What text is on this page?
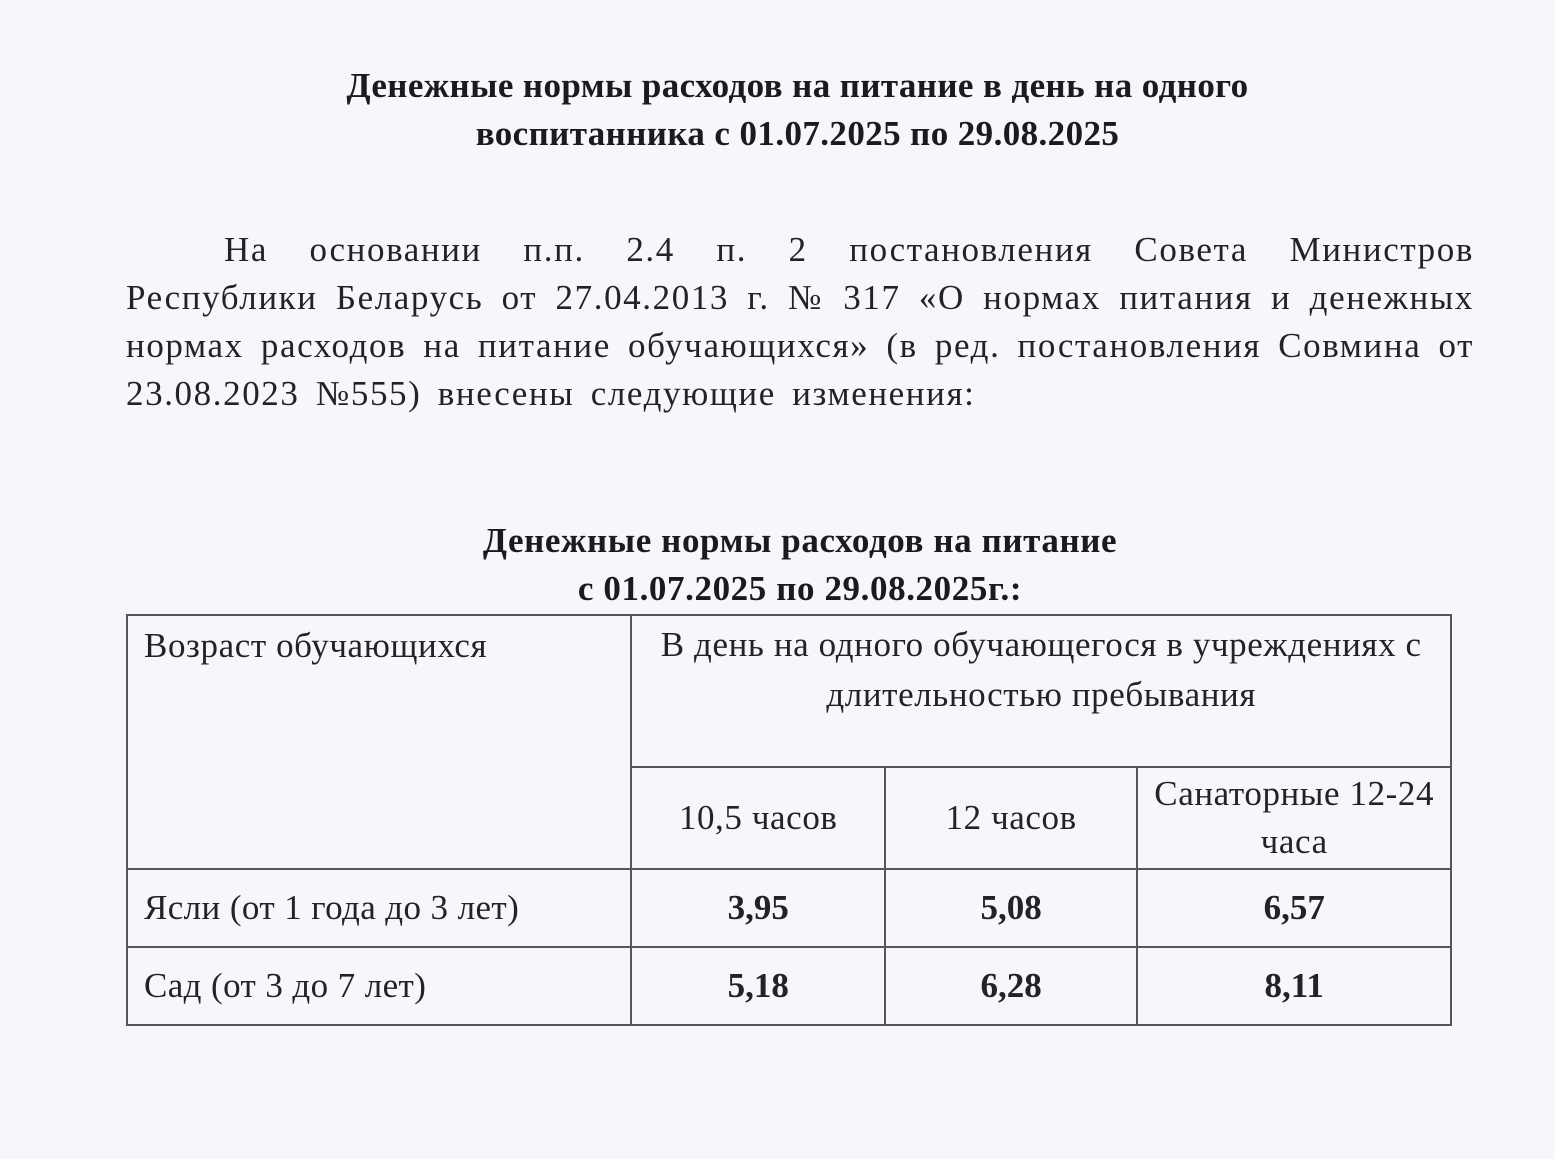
Денежные нормы расходов на питание в день на одного
воспитанника с 01.07.2025 по 29.08.2025
На основании п.п. 2.4 п. 2 постановления Совета Министров Республики Беларусь от 27.04.2013 г. № 317 «О нормах питания и денежных нормах расходов на питание обучающихся» (в ред. постановления Совмина от 23.08.2023 №555) внесены следующие изменения:
Денежные нормы расходов на питание
с 01.07.2025 по 29.08.2025г.:
Возраст обучающихся	В день на одного обучающегося в учреждениях с длительностью пребывания		
	10,5 часов	12 часов	Санаторные 12-24 часа
Ясли (от 1 года до 3 лет)	3,95	5,08	6,57
Сад (от 3 до 7 лет)	5,18	6,28	8,11
